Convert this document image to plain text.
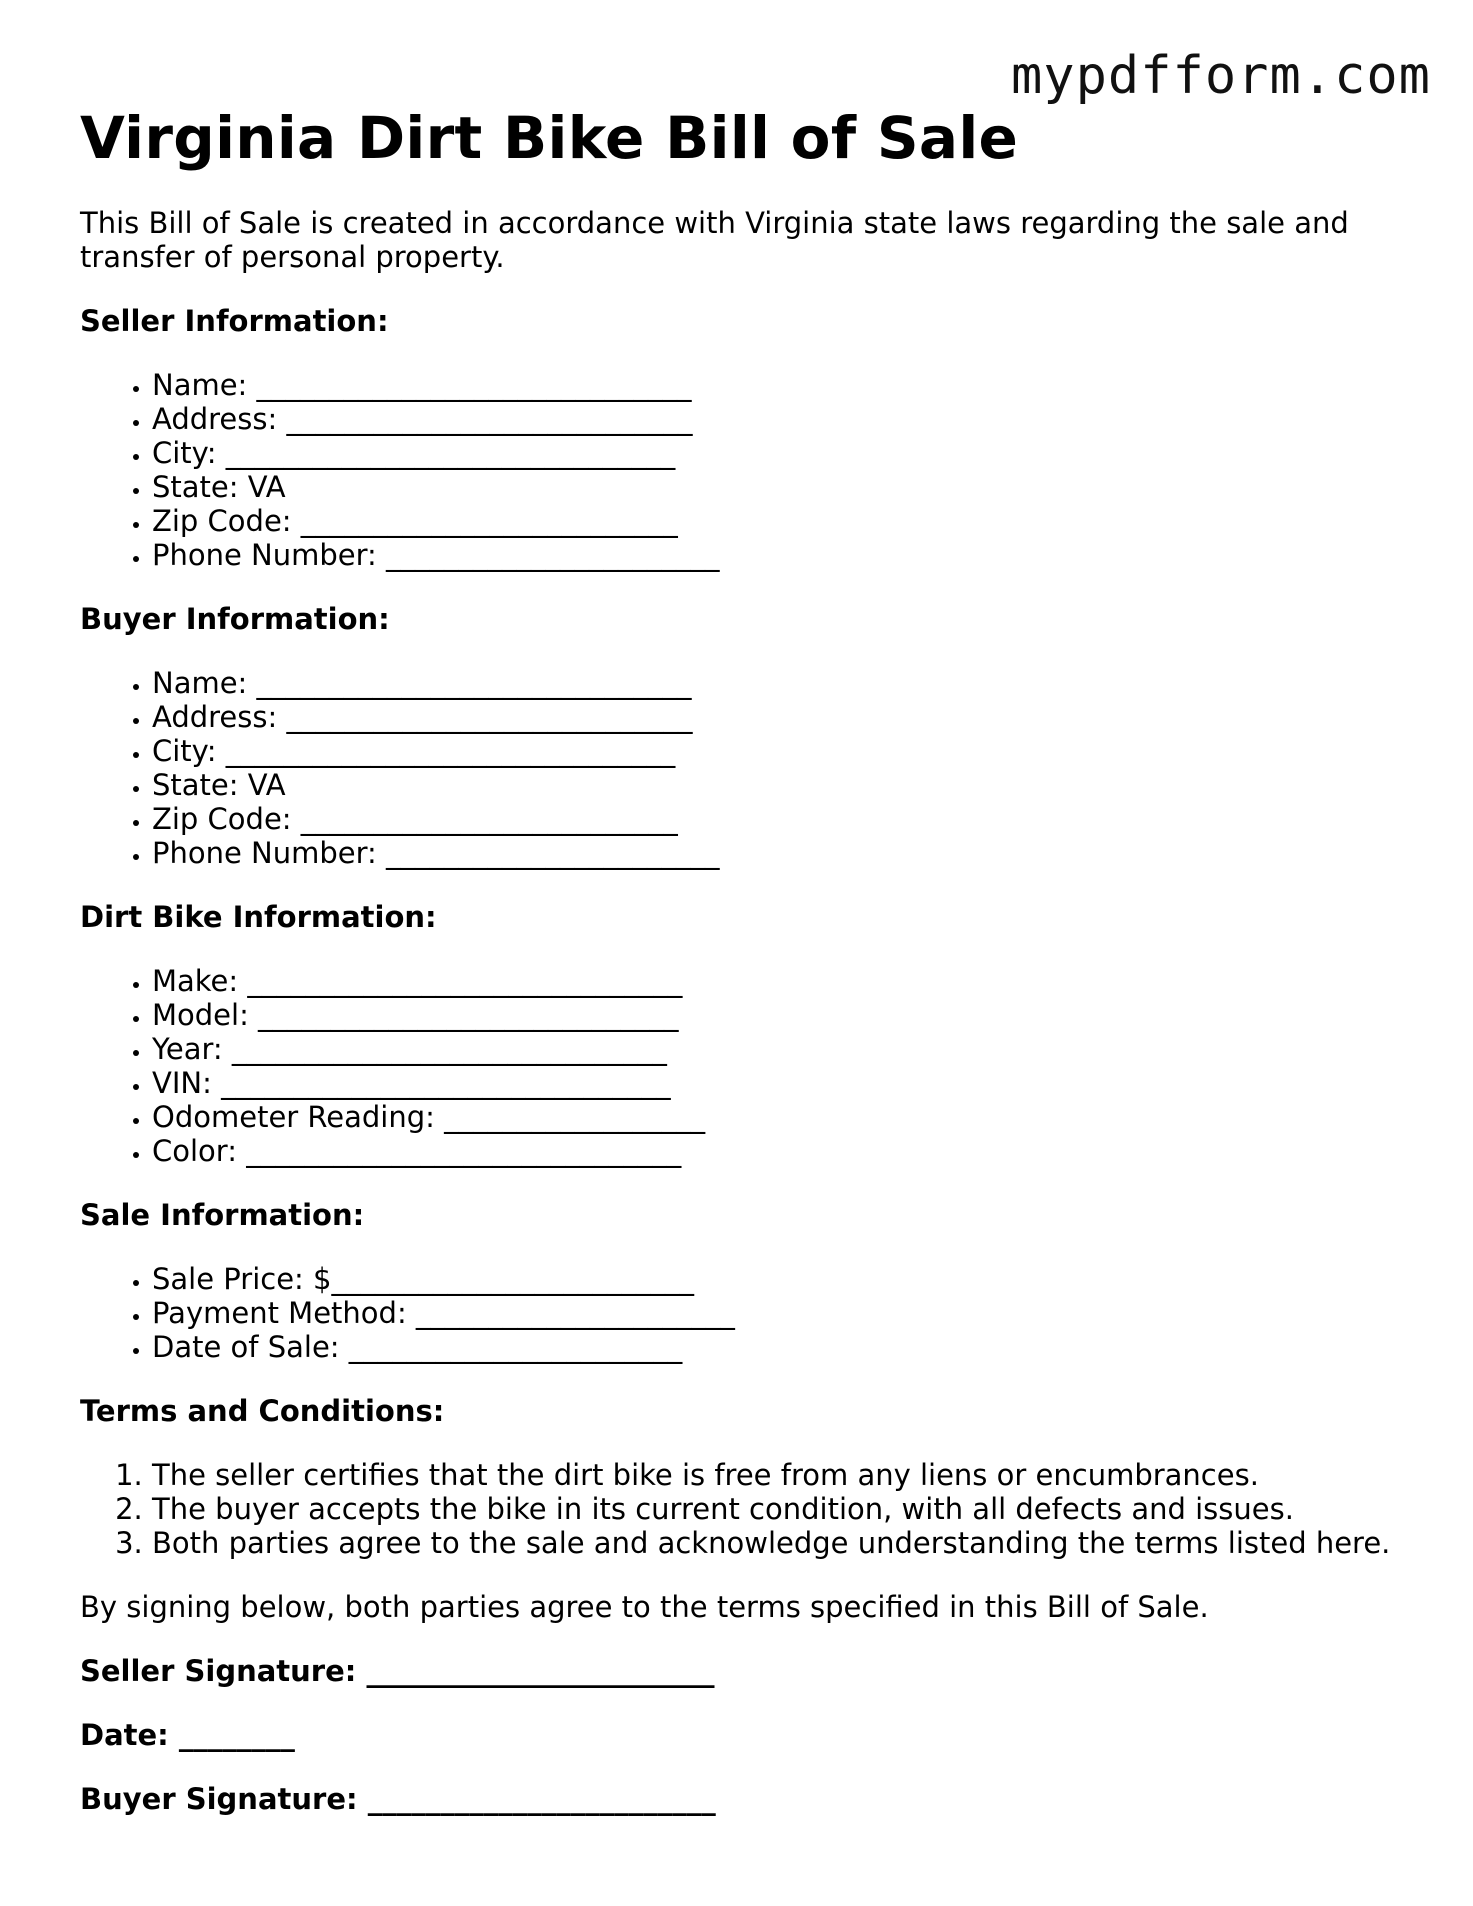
mypdfform.com
Virginia Dirt Bike Bill of Sale

This Bill of Sale is created in accordance with Virginia state laws regarding the sale and transfer of personal property.

Seller Information:
• Name: ______________________________
• Address: ____________________________
• City: _______________________________
• State: VA
• Zip Code: __________________________
• Phone Number: _______________________
Buyer Information:
• Name: ______________________________
• Address: ____________________________
• City: _______________________________
• State: VA
• Zip Code: __________________________
• Phone Number: _______________________
Dirt Bike Information:
• Make: ______________________________
• Model: _____________________________
• Year: ______________________________
• VIN: _______________________________
• Odometer Reading: __________________
• Color: ______________________________
Sale Information:
• Sale Price: $_________________________
• Payment Method: ______________________
• Date of Sale: _______________________
Terms and Conditions:
1. The seller certifies that the dirt bike is free from any liens or encumbrances.
2. The buyer accepts the bike in its current condition, with all defects and issues.
3. Both parties agree to the sale and acknowledge understanding the terms listed here.

By signing below, both parties agree to the terms specified in this Bill of Sale.

Seller Signature: ________________________
Date: ________
Buyer Signature: ________________________
